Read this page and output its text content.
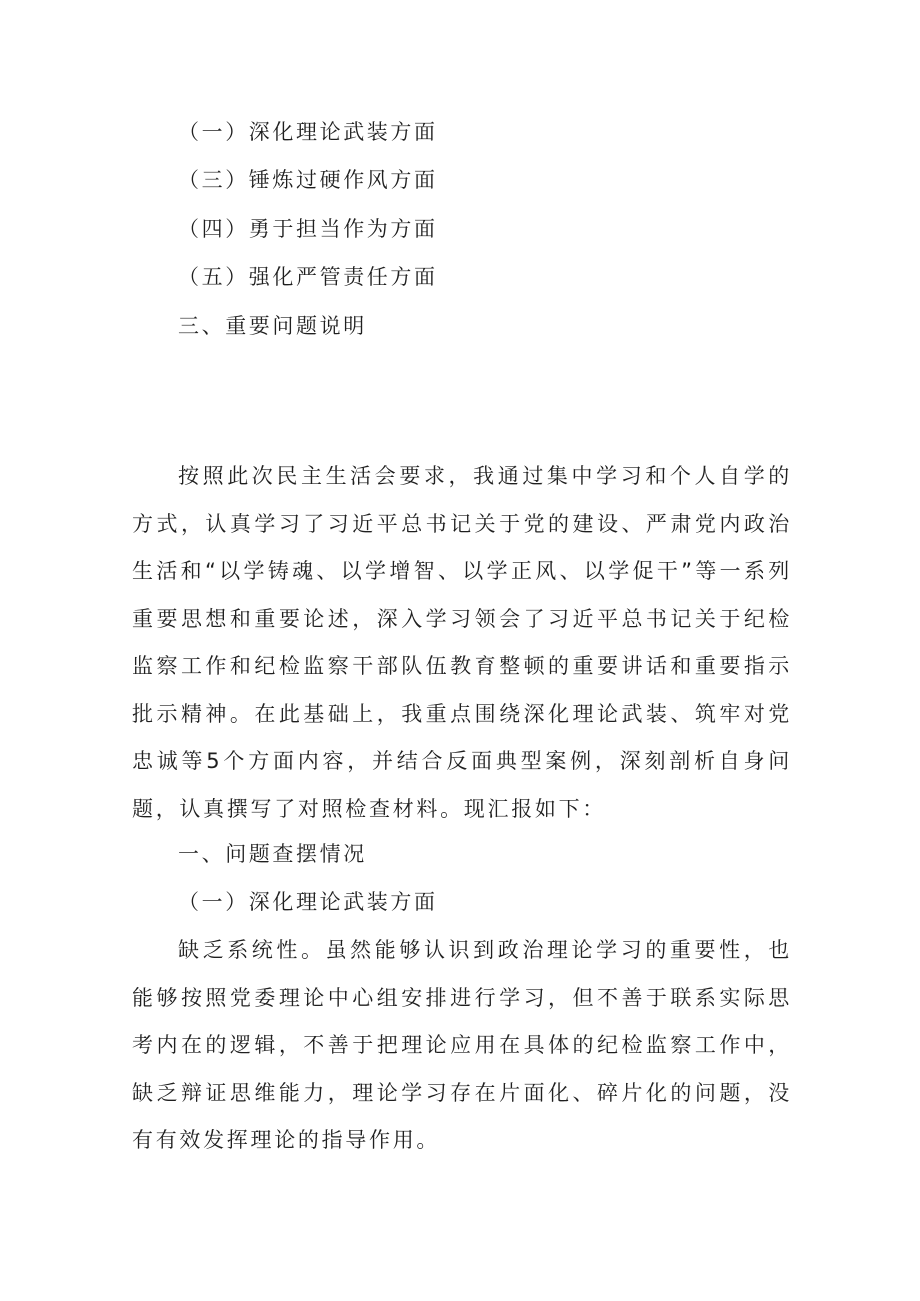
（一）深化理论武装方面
（三）锤炼过硬作风方面
（四）勇于担当作为方面
（五）强化严管责任方面
三、重要问题说明
按照此次民主生活会要求，我通过集中学习和个人自学的方式，认真学习了习近平总书记关于党的建设、严肃党内政治生活和“以学铸魂、以学增智、以学正风、以学促干”等一系列重要思想和重要论述，深入学习领会了习近平总书记关于纪检监察工作和纪检监察干部队伍教育整顿的重要讲话和重要指示批示精神。在此基础上，我重点围绕深化理论武装、筑牢对党忠诚等5个方面内容，并结合反面典型案例，深刻剖析自身问题，认真撰写了对照检查材料。现汇报如下：
一、问题查摆情况
（一）深化理论武装方面
缺乏系统性。虽然能够认识到政治理论学习的重要性，也能够按照党委理论中心组安排进行学习，但不善于联系实际思考内在的逻辑，不善于把理论应用在具体的纪检监察工作中，缺乏辩证思维能力，理论学习存在片面化、碎片化的问题，没有有效发挥理论的指导作用。
